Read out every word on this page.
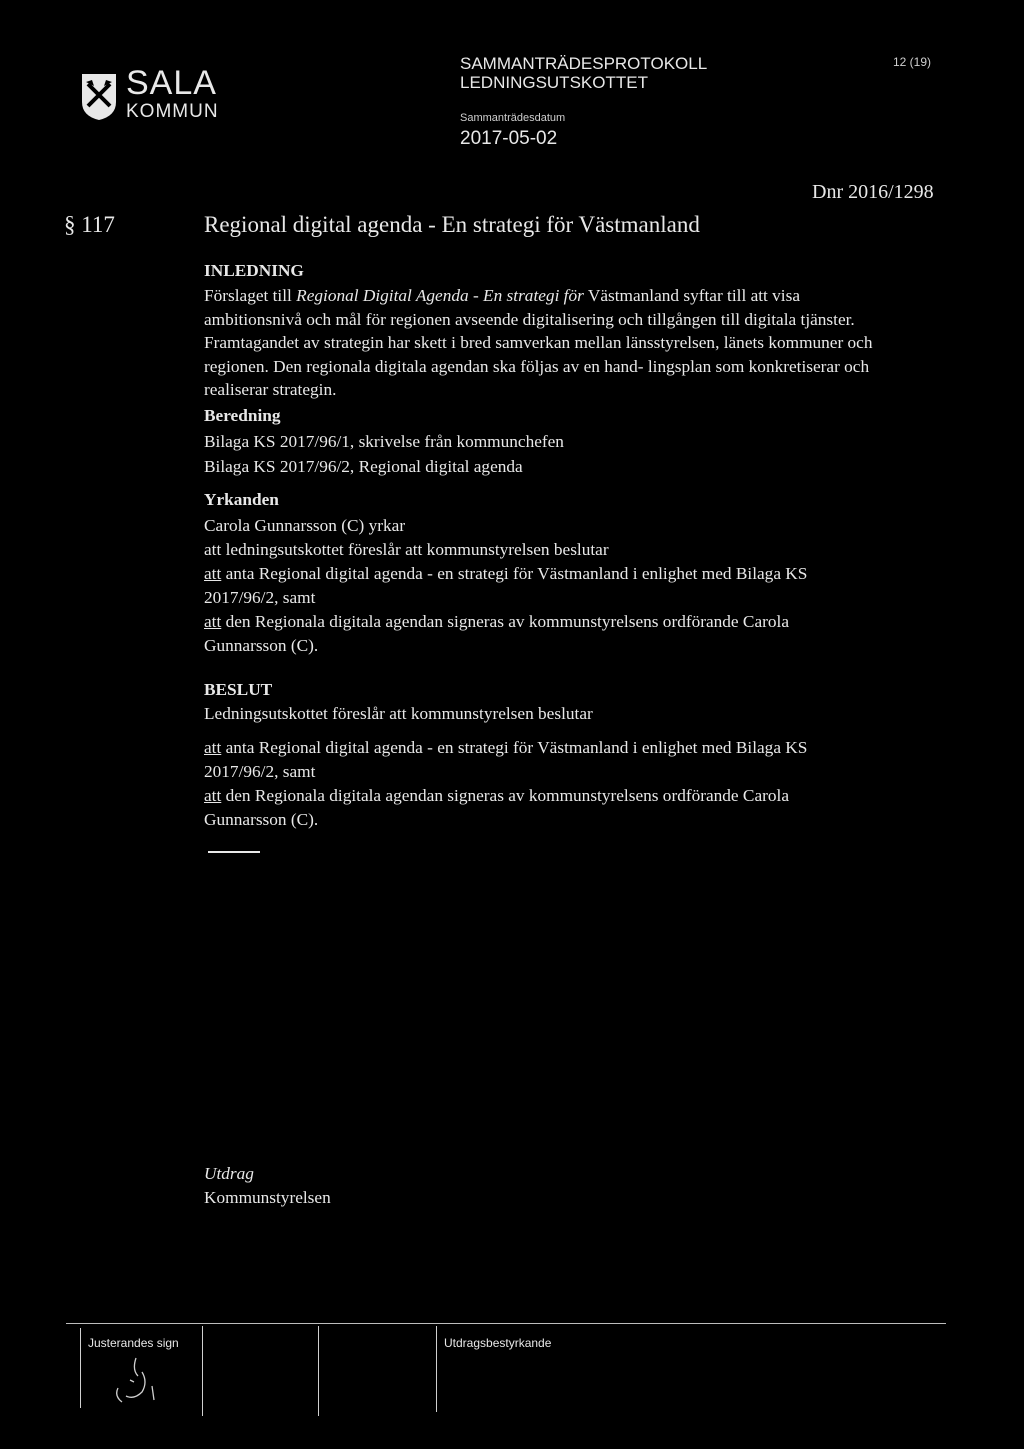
SALA
KOMMUN
SAMMANTRÄDESPROTOKOLL
LEDNINGSUTSKOTTET
Sammanträdesdatum
2017-05-02
12 (19)
Dnr 2016/1298
§ 117	Regional digital agenda - En strategi för Västmanland
INLEDNING
Förslaget till Regional Digital Agenda - En strategi för Västmanland syftar till att visa ambitionsnivå och mål för regionen avseende digitalisering och tillgången till digitala tjänster. Framtagandet av strategin har skett i bred samverkan mellan länsstyrelsen, länets kommuner och regionen. Den regionala digitala agendan ska följas av en hand- lingsplan som konkretiserar och realiserar strategin.
Beredning
Bilaga KS 2017/96/1, skrivelse från kommunchefen
Bilaga KS 2017/96/2, Regional digital agenda
Yrkanden
Carola Gunnarsson (C) yrkar
att ledningsutskottet föreslår att kommunstyrelsen beslutar
att anta Regional digital agenda - en strategi för Västmanland i enlighet med Bilaga KS
2017/96/2, samt
att den Regionala digitala agendan signeras av kommunstyrelsens ordförande Carola
Gunnarsson (C).
BESLUT
Ledningsutskottet föreslår att kommunstyrelsen beslutar
att anta Regional digital agenda - en strategi för Västmanland i enlighet med Bilaga KS
2017/96/2, samt
att den Regionala digitala agendan signeras av kommunstyrelsens ordförande Carola
Gunnarsson (C).
Utdrag
Kommunstyrelsen
Justerandes sign	Utdragsbestyrkande
